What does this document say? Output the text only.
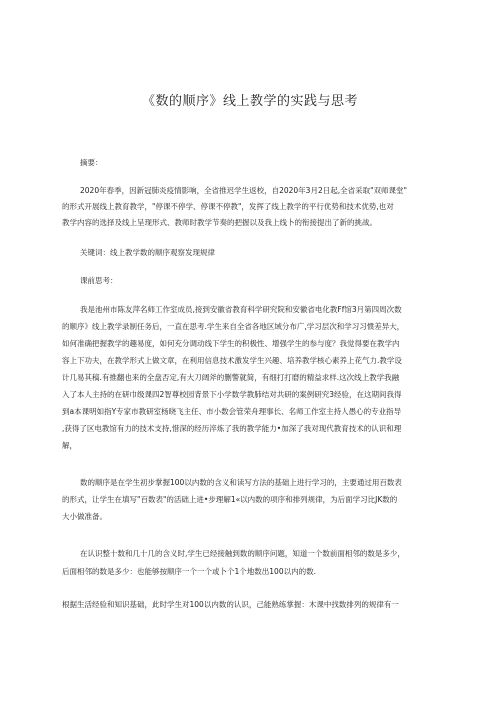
《数的顺序》线上教学的实践与思考
摘要：
2020年春季，因新冠肺炎疫情影响，全省推迟学生返校，自2020年3月2日起,全省采取"双师课堂"
的形式开展线上教育教学，"停课不停学、停课不停教"，发挥了线上教学的平行优势和技术优势,也对
教学内容的选择及线上呈现形式、教师时教学节奏的把握以及我上线卜的衔接提出了新的挑战。
关键词：线上教学数的顺序观察发现规律
课前思考：
我是池州市陈友萍名师工作室成员,接到安徽省教育科学研究院和安徽省电化教Ff馆3月第四周次数
的顺序》线上教学录制任务后，一直在思考.学生来自全省各地区域分布广,学习层次和学习习惯差异大，
如何准确把握教学的趣易度，如何充分调动线下学生的积极性、增强学生的参与度？我觉得要在教学内
容上下功夫，在教学形式上做文章，在利用信息技术激发学生兴趣、培养教学核心素养上花气力.教学设
计几易其稿.有推翻也来的全盘否定,有大刀阔斧的删警就简，有细打打磨的精益求样.这次线上教学我融
入了本人主持的在研巾级课四2智尊校园背景下小学数学教肺结对共研的案例研究3经验，在这期间我得
到a本课明如指Y专家市教研室杨晓飞主任、市小数会管荣舟理事长、名师工作室主持人愚心的专业指导
,获得了区电教馆有力的技术支持,惜深的经历淬炼了我的教学能力•加深了我对现代教育技术的认识和理
解，
数的顺序是在学生初步掌握100以内数的含义和读写方法的基础上进行学习的，主要通过用百数表
的形式，让学生在填写"百数表"的活础上进•步理解1«以内数的项序和排列规律，为后面学习比JK数的
大小做准备。
在认识整十数和几十几的含义时,学生已经接触到数的顺序问题，知道一个数前面相邻的数是多少，
后面相邻的数是多少：也能够按顺序一个一个或卜个1个地数出100以内的数.
根据生活经验和知识基础，此时学生对100以内数的认识，己能熟练掌握：木课中找数排列的规律有一
